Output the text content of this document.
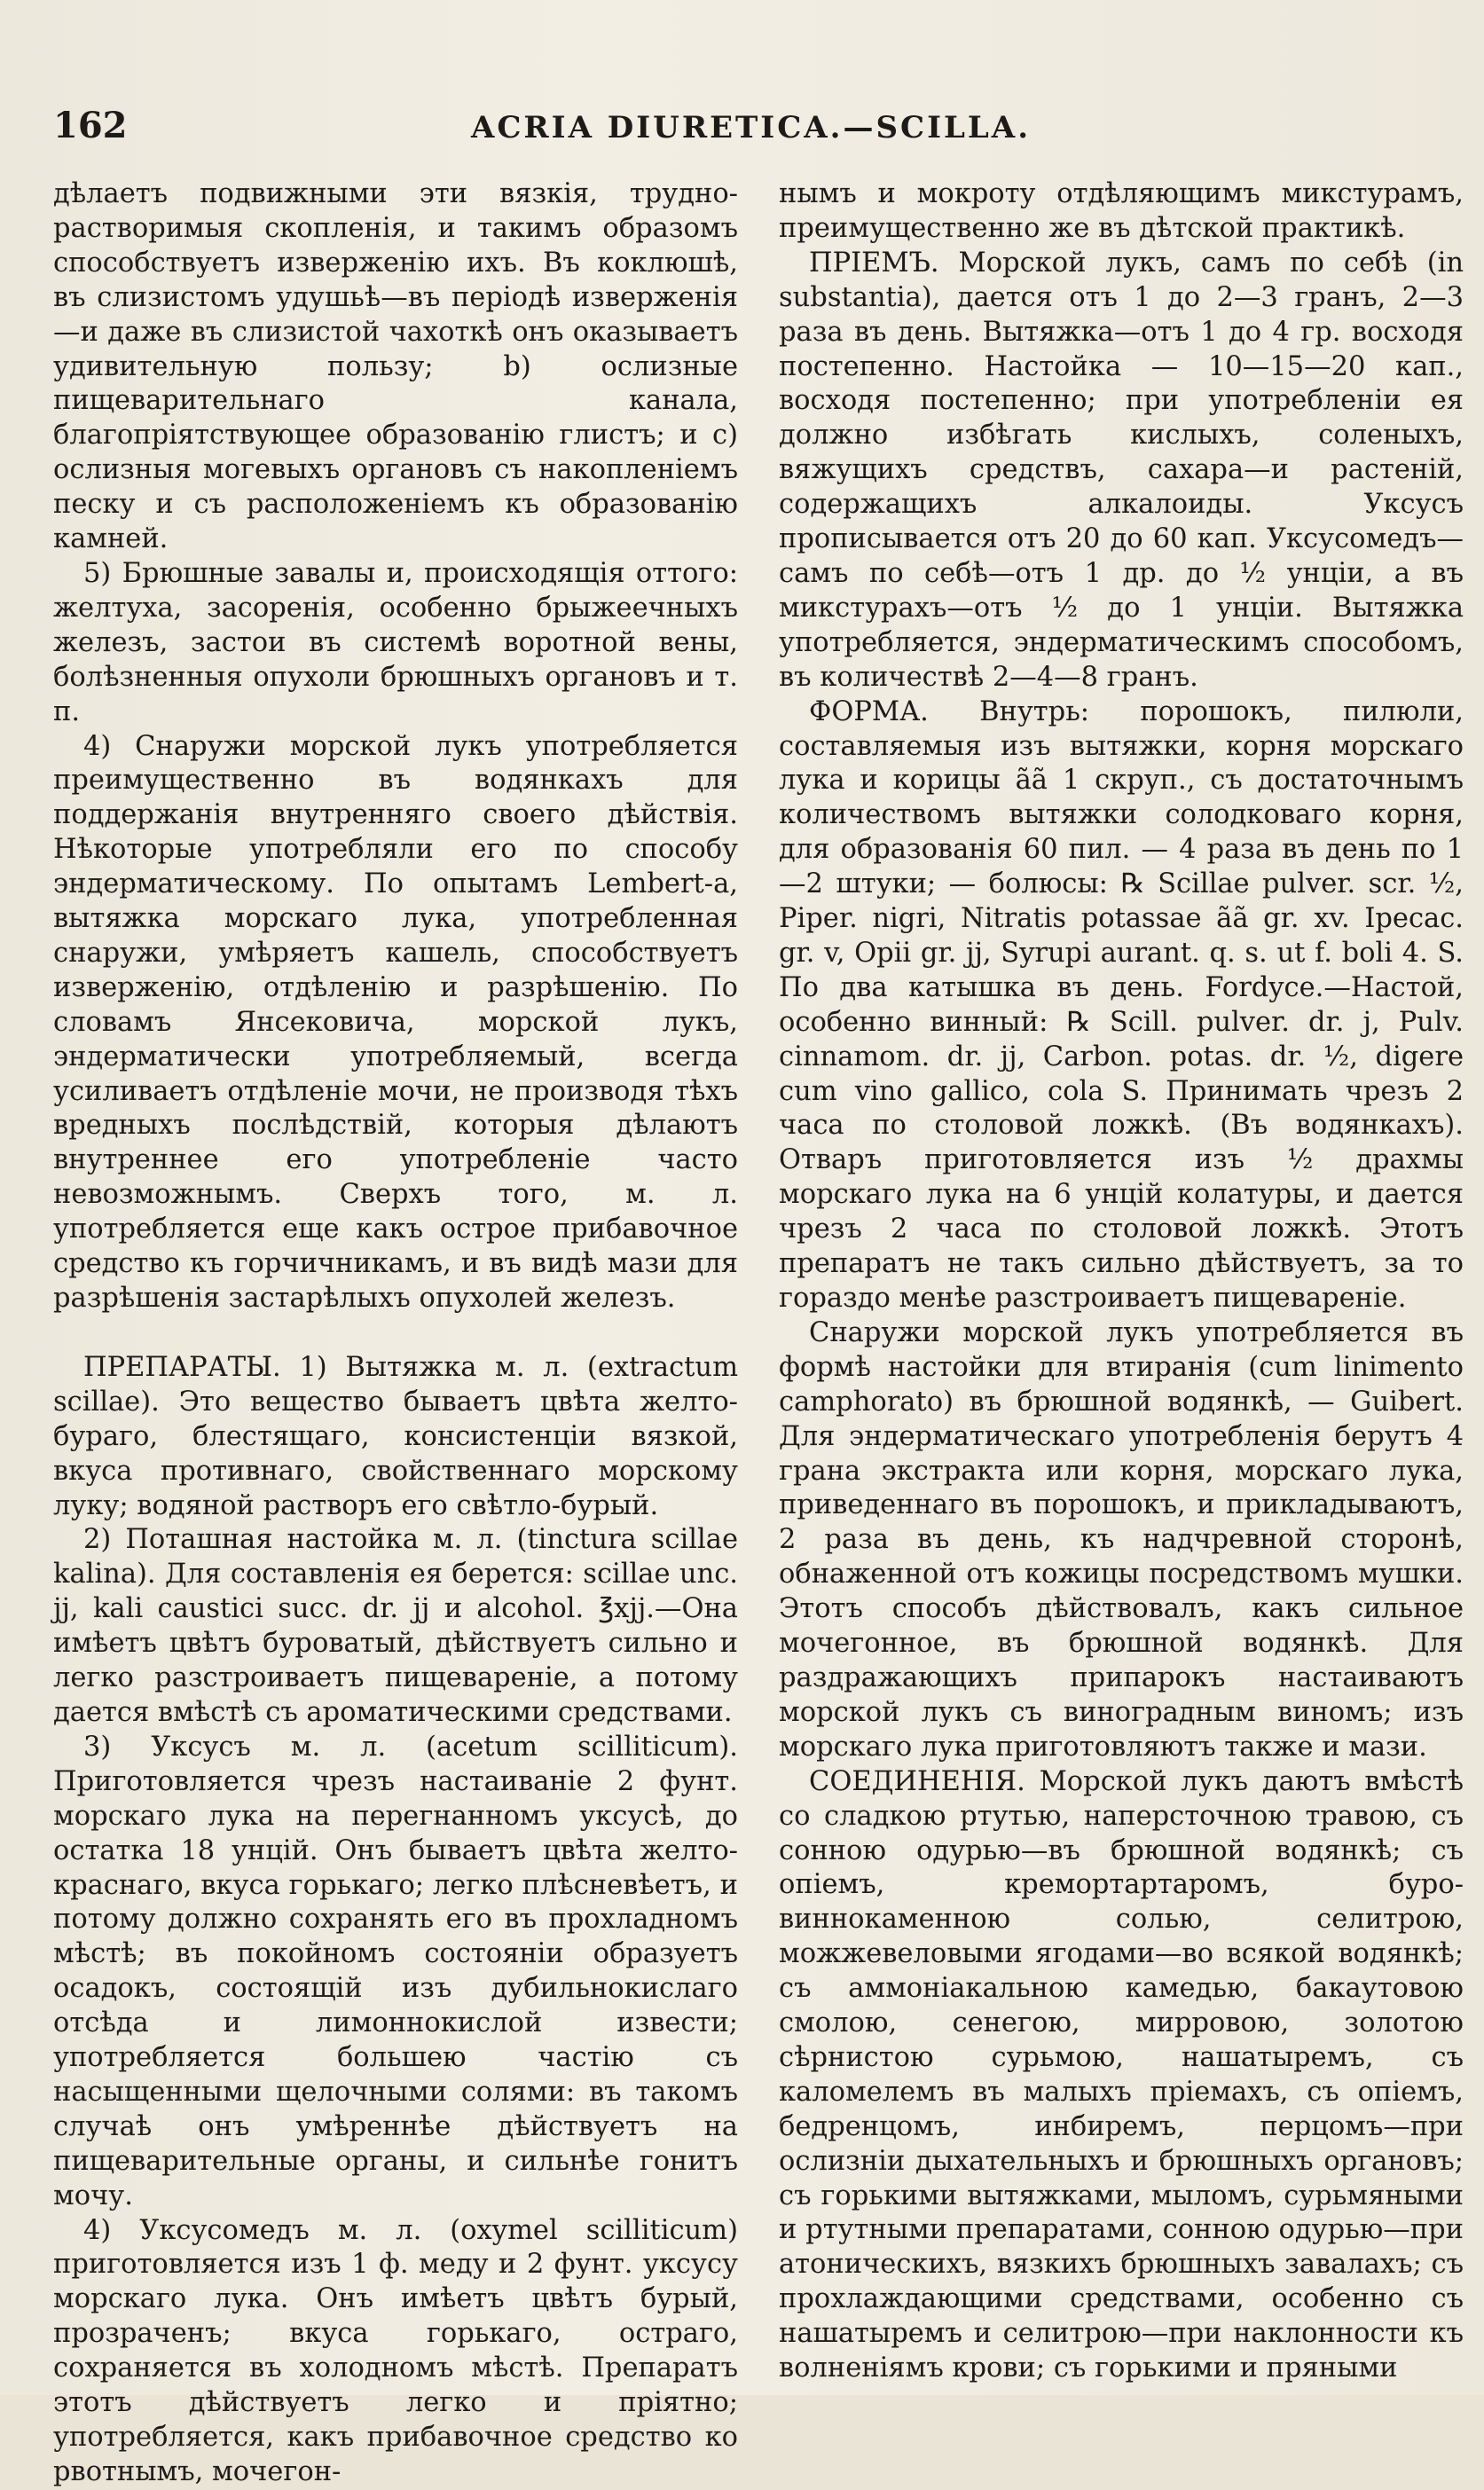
162	ACRIA DIURETICA.—SCILLA.

дѣлаетъ подвижными эти вязкія, трудно-растворимыя скопленія, и такимъ образомъ способствуетъ изверженію ихъ. Въ коклюшѣ, въ слизистомъ удушьѣ—въ періодѣ изверженія—и даже въ слизистой чахоткѣ онъ оказываетъ удивительную пользу; b) ослизные пищеварительнаго канала, благопріятствующее образованію глистъ; и c) ослизныя могевыхъ органовъ съ накопленіемъ песку и съ расположеніемъ къ образованію камней.

5) Брюшные завалы и, происходящія оттого: желтуха, засоренія, особенно брыжеечныхъ железъ, застои въ системѣ воротной вены, болѣзненныя опухоли брюшныхъ органовъ и т. п.

4) Снаружи морской лукъ употребляется преимущественно въ водянкахъ для поддержанія внутренняго своего дѣйствія. Нѣкоторые употребляли его по способу эндерматическому. По опытамъ Lembert-а, вытяжка морскаго лука, употребленная снаружи, умѣряетъ кашель, способствуетъ изверженію, отдѣленію и разрѣшенію. По словамъ Янсековича, морской лукъ, эндерматически употребляемый, всегда усиливаетъ отдѣленіе мочи, не производя тѣхъ вредныхъ послѣдствій, которыя дѣлаютъ внутреннее его употребленіе часто невозможнымъ. Сверхъ того, м. л. употребляется еще какъ острое прибавочное средство къ горчичникамъ, и въ видѣ мази для разрѣшенія застарѣлыхъ опухолей железъ.

ПРЕПАРАТЫ. 1) Вытяжка м. л. (extractum scillae). Это вещество бываетъ цвѣта желто-бураго, блестящаго, консистенціи вязкой, вкуса противнаго, свойственнаго морскому луку; водяной растворъ его свѣтло-бурый.

2) Поташная настойка м. л. (tinctura scillae kalina). Для составленія ея берется: scillae unc. jj, kali caustici succ. dr. jj и alcohol. ℥xjj.—Она имѣетъ цвѣтъ буроватый, дѣйствуетъ сильно и легко разстроиваетъ пищевареніе, а потому дается вмѣстѣ съ ароматическими средствами.

3) Уксусъ м. л. (acetum scilliticum). Приготовляется чрезъ настаиваніе 2 фунт. морскаго лука на перегнанномъ уксусѣ, до остатка 18 унцій. Онъ бываетъ цвѣта желто-краснаго, вкуса горькаго; легко плѣсневѣетъ, и потому должно сохранять его въ прохладномъ мѣстѣ; въ покойномъ состояніи образуетъ осадокъ, состоящій изъ дубильнокислаго отсѣда и лимоннокислой извести; употребляется большею частію съ насыщенными щелочными солями: въ такомъ случаѣ онъ умѣреннѣе дѣйствуетъ на пищеварительные органы, и сильнѣе гонитъ мочу.

4) Уксусомедъ м. л. (oxymel scilliticum) приготовляется изъ 1 ф. меду и 2 фунт. уксусу морскаго лука. Онъ имѣетъ цвѣтъ бурый, прозраченъ; вкуса горькаго, остраго, сохраняется въ холодномъ мѣстѣ. Препаратъ этотъ дѣйствуетъ легко и пріятно; употребляется, какъ прибавочное средство ко рвотнымъ, мочегон-

нымъ и мокроту отдѣляющимъ микстурамъ, преимущественно же въ дѣтской практикѣ.

ПРІЕМЪ. Морской лукъ, самъ по себѣ (in substantia), дается отъ 1 до 2—3 гранъ, 2—3 раза въ день. Вытяжка—отъ 1 до 4 гр. восходя постепенно. Настойка — 10—15—20 кап., восходя постепенно; при употребленіи ея должно избѣгать кислыхъ, соленыхъ, вяжущихъ средствъ, сахара—и растеній, содержащихъ алкалоиды. Уксусъ прописывается отъ 20 до 60 кап. Уксусомедъ—самъ по себѣ—отъ 1 др. до ½ унціи, а въ микстурахъ—отъ ½ до 1 унціи. Вытяжка употребляется, эндерматическимъ способомъ, въ количествѣ 2—4—8 гранъ.

ФОРМА. Внутрь: порошокъ, пилюли, составляемыя изъ вытяжки, корня морскаго лука и корицы ãã 1 скруп., съ достаточнымъ количествомъ вытяжки солодковаго корня, для образованія 60 пил. — 4 раза въ день по 1—2 штуки; — болюсы: ℞ Scillae pulver. scr. ½, Piper. nigri, Nitratis potassae ãã gr. xv. Ipecac. gr. v, Opii gr. jj, Syrupi aurant. q. s. ut f. boli 4. S. По два катышка въ день. Fordyce.—Настой, особенно винный: ℞ Scill. pulver. dr. j, Pulv. cinnamom. dr. jj, Carbon. potas. dr. ½, digere cum vino gallico, cola S. Принимать чрезъ 2 часа по столовой ложкѣ. (Въ водянкахъ). Отваръ приготовляется изъ ½ драхмы морскаго лука на 6 унцій колатуры, и дается чрезъ 2 часа по столовой ложкѣ. Этотъ препаратъ не такъ сильно дѣйствуетъ, за то гораздо менѣе разстроиваетъ пищевареніе.

Снаружи морской лукъ употребляется въ формѣ настойки для втиранія (cum linimento camphorato) въ брюшной водянкѣ, — Guibert. Для эндерматическаго употребленія берутъ 4 грана экстракта или корня, морскаго лука, приведеннаго въ порошокъ, и прикладываютъ, 2 раза въ день, къ надчревной сторонѣ, обнаженной отъ кожицы посредствомъ мушки. Этотъ способъ дѣйствовалъ, какъ сильное мочегонное, въ брюшной водянкѣ. Для раздражающихъ припарокъ настаиваютъ морской лукъ съ виноградным виномъ; изъ морскаго лука приготовляютъ также и мази.

СОЕДИНЕНІЯ. Морской лукъ даютъ вмѣстѣ со сладкою ртутью, наперсточною травою, съ сонною одурью—въ брюшной водянкѣ; съ опіемъ, кремортартаромъ, буро-виннокаменною солью, селитрою, можжевеловыми ягодами—во всякой водянкѣ; съ аммоніакальною камедью, бакаутовою смолою, сенегою, мирровою, золотою сѣрнистою сурьмою, нашатыремъ, съ каломелемъ въ малыхъ пріемахъ, съ опіемъ, бедренцомъ, инбиремъ, перцомъ—при ослизніи дыхательныхъ и брюшныхъ органовъ; съ горькими вытяжками, мыломъ, сурьмяными и ртутными препаратами, сонною одурью—при атоническихъ, вязкихъ брюшныхъ завалахъ; съ прохлаждающими средствами, особенно съ нашатыремъ и селитрою—при наклонности къ волненіямъ крови; съ горькими и пряными
